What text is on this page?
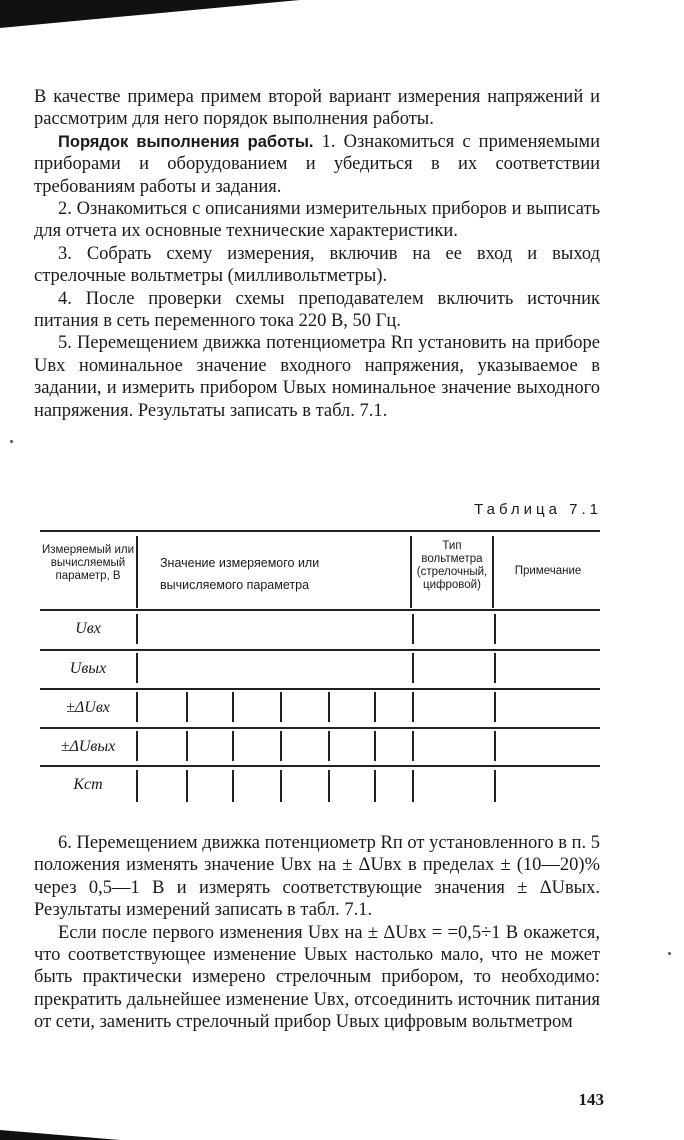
В качестве примера примем второй вариант измерения напряжений и рассмотрим для него порядок выполнения работы.

Порядок выполнения работы. 1. Ознакомиться с применяемыми приборами и оборудованием и убедиться в их соответствии требованиям работы и задания.

2. Ознакомиться с описаниями измерительных приборов и выписать для отчета их основные технические характеристики.

3. Собрать схему измерения, включив на ее вход и выход стрелочные вольтметры (милливольтметры).

4. После проверки схемы преподавателем включить источник питания в сеть переменного тока 220 В, 50 Гц.

5. Перемещением движка потенциометра Rп установить на приборе Uвх номинальное значение входного напряжения, указываемое в задании, и измерить прибором Uвых номинальное значение выходного напряжения. Результаты записать в табл. 7.1.

Таблица 7.1
Измеряемый или вычисляемый параметр, В
Значение измеряемого или вычисляемого параметра
Тип вольтметра (стрелочный, цифровой)
Примечание
Uвх
Uвых
±ΔUвх
±ΔUвых
Kст

6. Перемещением движка потенциометр Rп от установленного в п. 5 положения изменять значение Uвх на ± ΔUвх в пределах ± (10—20)% через 0,5—1 В и измерять соответствующие значения ± ΔUвых. Результаты измерений записать в табл. 7.1.

Если после первого изменения Uвх на ± ΔUвх = =0,5÷1 В окажется, что соответствующее изменение Uвых настолько мало, что не может быть практически измерено стрелочным прибором, то необходимо: прекратить дальнейшее изменение Uвх, отсоединить источник питания от сети, заменить стрелочный прибор Uвых цифровым вольтметром

143
